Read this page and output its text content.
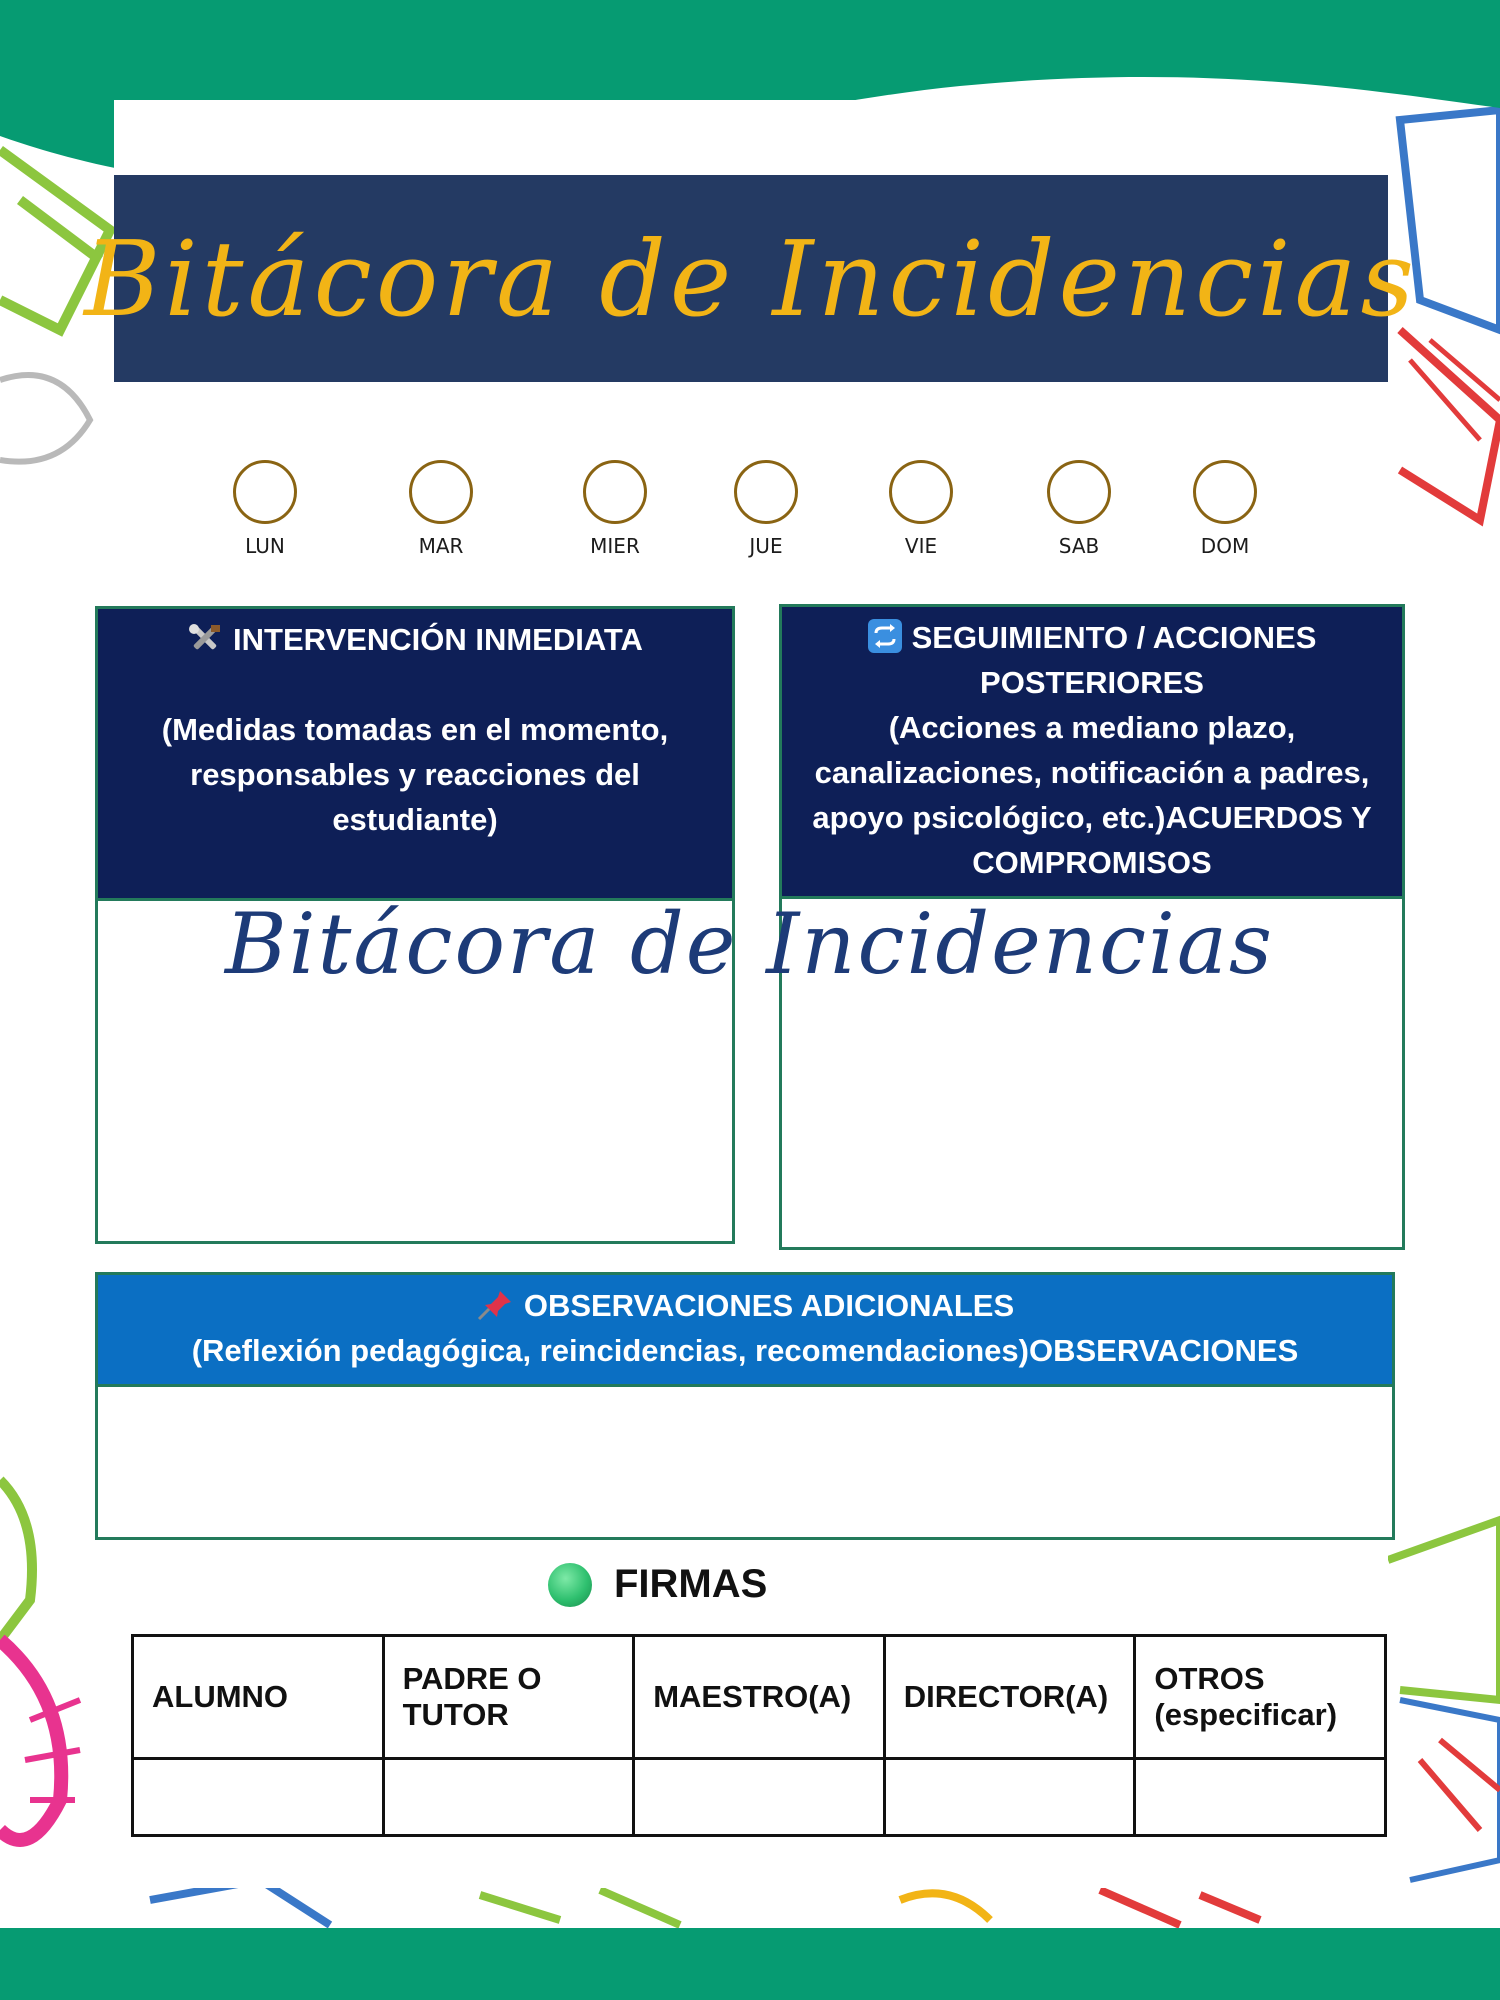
Bitácora de Incidencias
LUN	MAR	MIER	JUE	VIE	SAB	DOM
INTERVENCIÓN INMEDIATA
(Medidas tomadas en el momento,
responsables y reacciones del
estudiante)
SEGUIMIENTO / ACCIONES
POSTERIORES
(Acciones a mediano plazo,
canalizaciones, notificación a padres,
apoyo psicológico, etc.)ACUERDOS Y
COMPROMISOS
Bitácora de Incidencias
OBSERVACIONES ADICIONALES
(Reflexión pedagógica, reincidencias, recomendaciones)OBSERVACIONES
FIRMAS
ALUMNO	PADRE O TUTOR	MAESTRO(A)	DIRECTOR(A)	OTROS (especificar)
